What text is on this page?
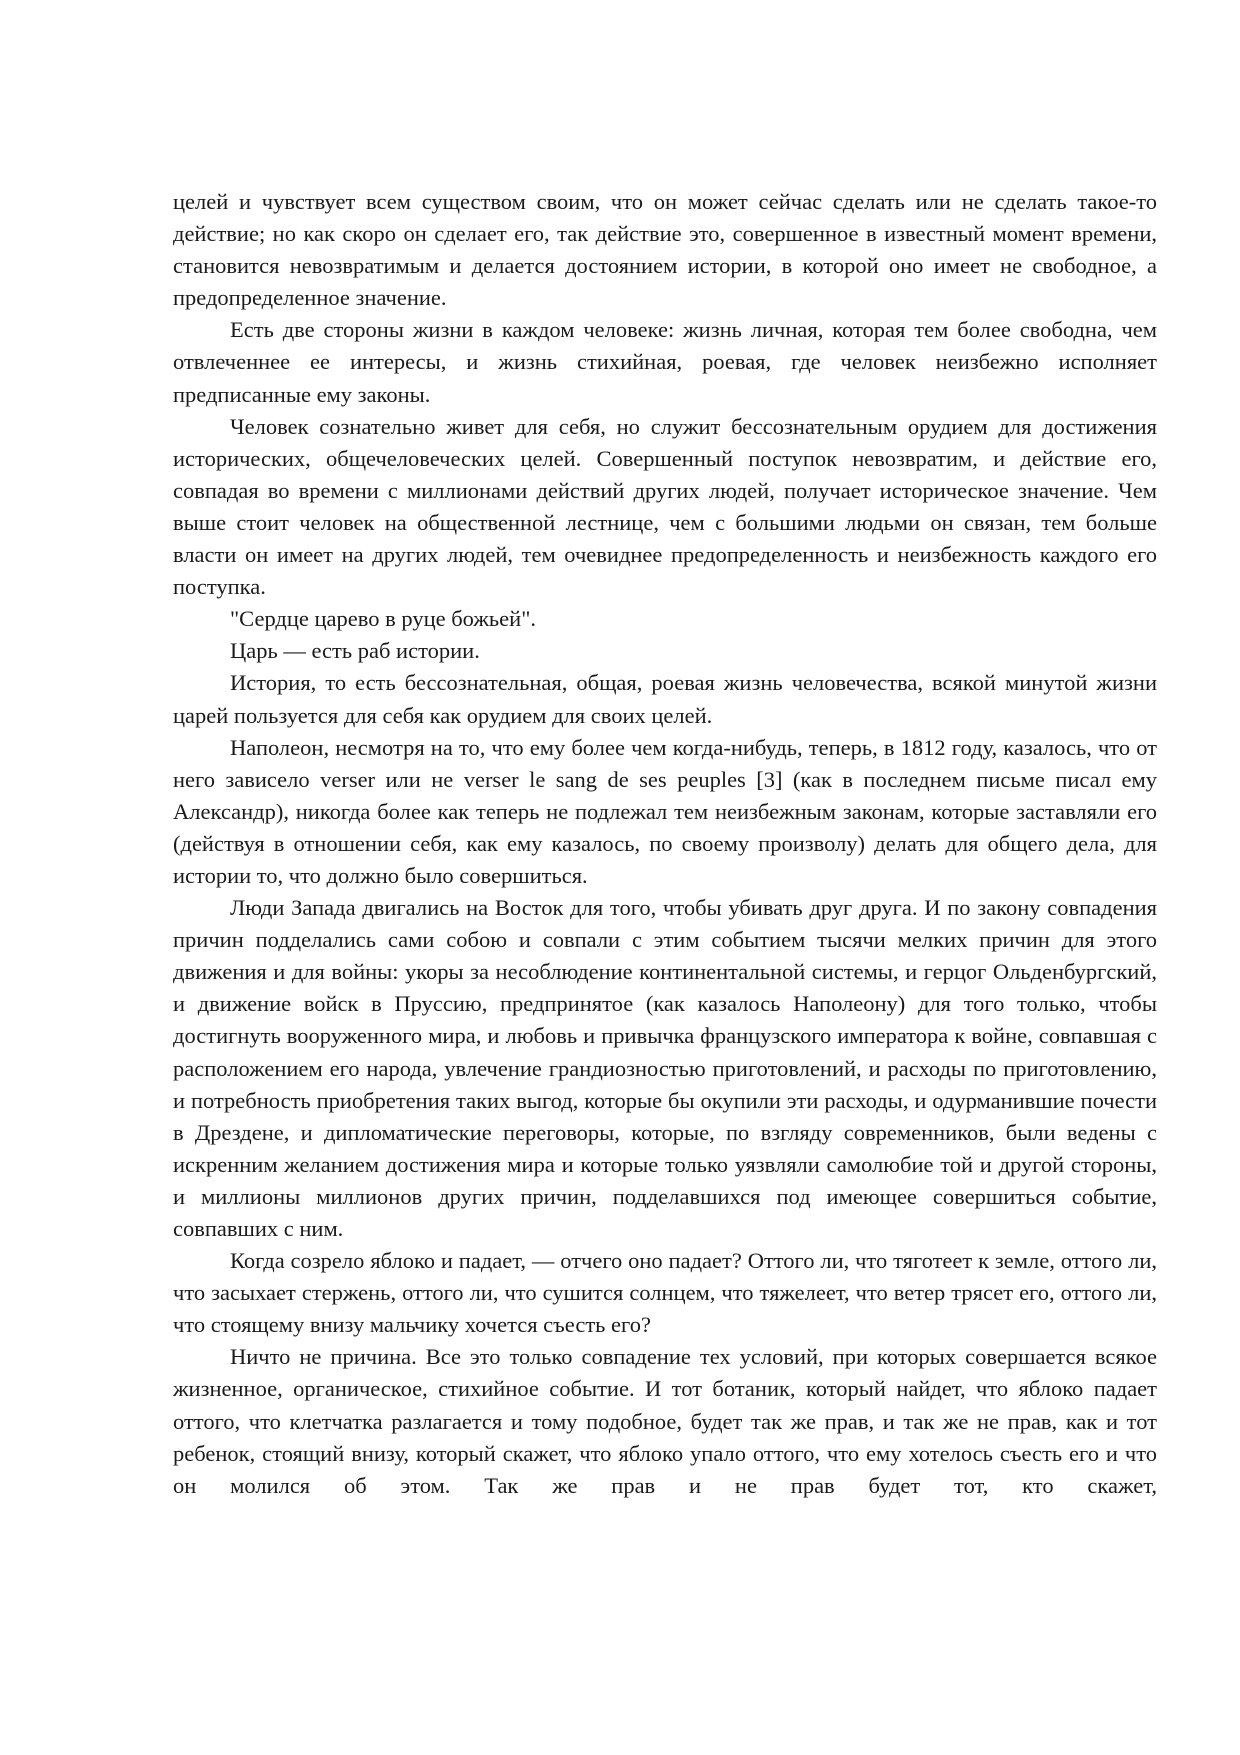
целей и чувствует всем существом своим, что он может сейчас сделать или не сделать такое-то действие; но как скоро он сделает его, так действие это, совершенное в известный момент времени, становится невозвратимым и делается достоянием истории, в которой оно имеет не свободное, а предопределенное значение.

Есть две стороны жизни в каждом человеке: жизнь личная, которая тем более свободна, чем отвлеченнее ее интересы, и жизнь стихийная, роевая, где человек неизбежно исполняет предписанные ему законы.

Человек сознательно живет для себя, но служит бессознательным орудием для достижения исторических, общечеловеческих целей. Совершенный поступок невозвратим, и действие его, совпадая во времени с миллионами действий других людей, получает историческое значение. Чем выше стоит человек на общественной лестнице, чем с большими людьми он связан, тем больше власти он имеет на других людей, тем очевиднее предопределенность и неизбежность каждого его поступка.

"Сердце царево в руце божьей".

Царь — есть раб истории.

История, то есть бессознательная, общая, роевая жизнь человечества, всякой минутой жизни царей пользуется для себя как орудием для своих целей.

Наполеон, несмотря на то, что ему более чем когда-нибудь, теперь, в 1812 году, казалось, что от него зависело verser или не verser le sang de ses peuples [3] (как в последнем письме писал ему Александр), никогда более как теперь не подлежал тем неизбежным законам, которые заставляли его (действуя в отношении себя, как ему казалось, по своему произволу) делать для общего дела, для истории то, что должно было совершиться.

Люди Запада двигались на Восток для того, чтобы убивать друг друга. И по закону совпадения причин подделались сами собою и совпали с этим событием тысячи мелких причин для этого движения и для войны: укоры за несоблюдение континентальной системы, и герцог Ольденбургский, и движение войск в Пруссию, предпринятое (как казалось Наполеону) для того только, чтобы достигнуть вооруженного мира, и любовь и привычка французского императора к войне, совпавшая с расположением его народа, увлечение грандиозностью приготовлений, и расходы по приготовлению, и потребность приобретения таких выгод, которые бы окупили эти расходы, и одурманившие почести в Дрездене, и дипломатические переговоры, которые, по взгляду современников, были ведены с искренним желанием достижения мира и которые только уязвляли самолюбие той и другой стороны, и миллионы миллионов других причин, подделавшихся под имеющее совершиться событие, совпавших с ним.

Когда созрело яблоко и падает, — отчего оно падает? Оттого ли, что тяготеет к земле, оттого ли, что засыхает стержень, оттого ли, что сушится солнцем, что тяжелеет, что ветер трясет его, оттого ли, что стоящему внизу мальчику хочется съесть его?

Ничто не причина. Все это только совпадение тех условий, при которых совершается всякое жизненное, органическое, стихийное событие. И тот ботаник, который найдет, что яблоко падает оттого, что клетчатка разлагается и тому подобное, будет так же прав, и так же не прав, как и тот ребенок, стоящий внизу, который скажет, что яблоко упало оттого, что ему хотелось съесть его и что он молился об этом. Так же прав и не прав будет тот, кто скажет,
